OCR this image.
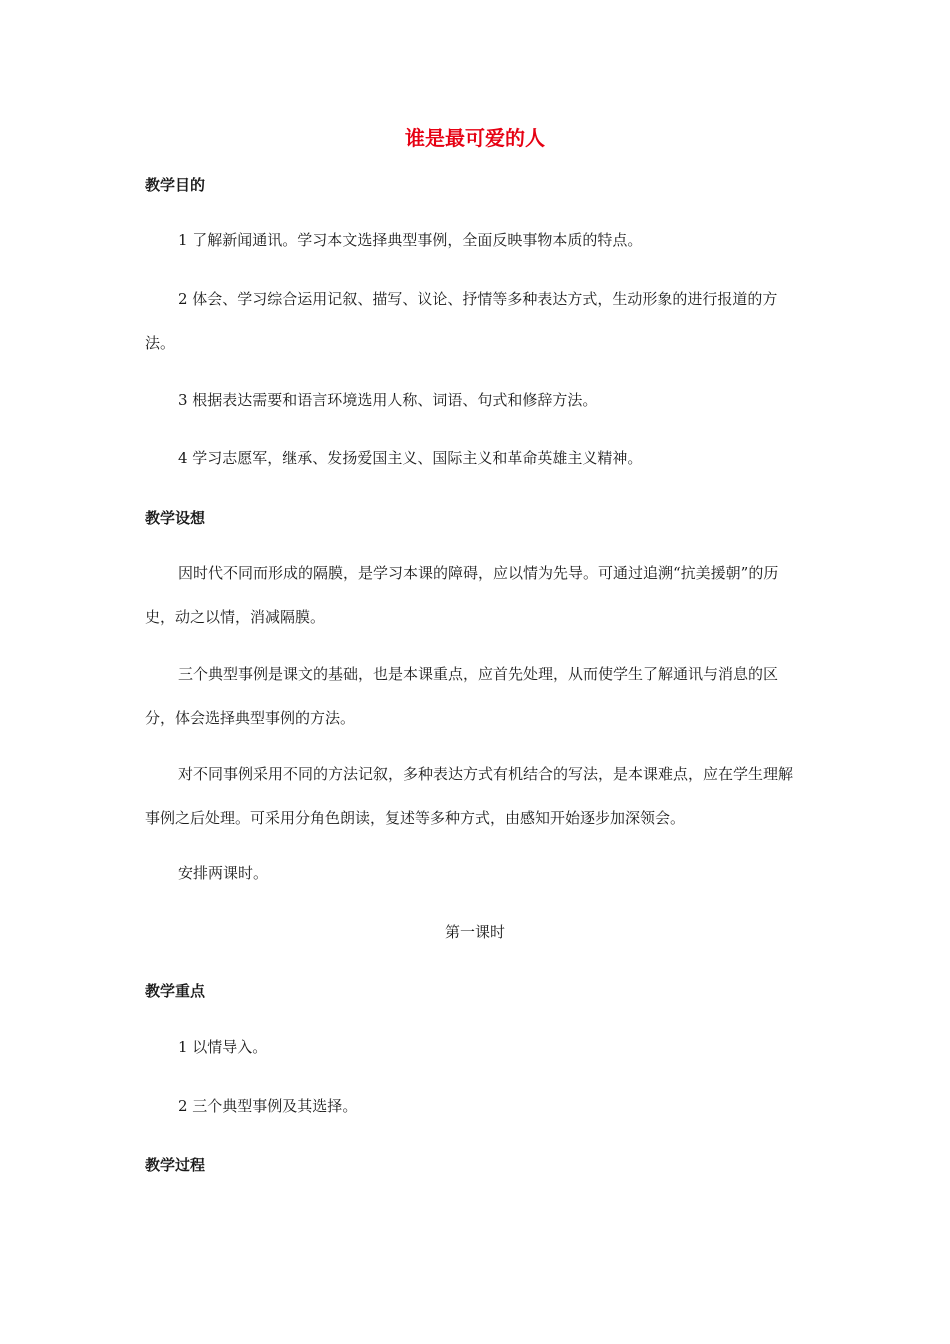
谁是最可爱的人
教学目的

1 了解新闻通讯。学习本文选择典型事例，全面反映事物本质的特点。

2 体会、学习综合运用记叙、描写、议论、抒情等多种表达方式，生动形象的进行报道的方法。

3 根据表达需要和语言环境选用人称、词语、句式和修辞方法。

4 学习志愿军，继承、发扬爱国主义、国际主义和革命英雄主义精神。

教学设想

因时代不同而形成的隔膜，是学习本课的障碍，应以情为先导。可通过追溯“抗美援朝”的历史，动之以情，消减隔膜。

三个典型事例是课文的基础，也是本课重点，应首先处理，从而使学生了解通讯与消息的区分，体会选择典型事例的方法。

对不同事例采用不同的方法记叙，多种表达方式有机结合的写法，是本课难点，应在学生理解事例之后处理。可采用分角色朗读，复述等多种方式，由感知开始逐步加深领会。

安排两课时。

第一课时

教学重点

1 以情导入。

2 三个典型事例及其选择。

教学过程
